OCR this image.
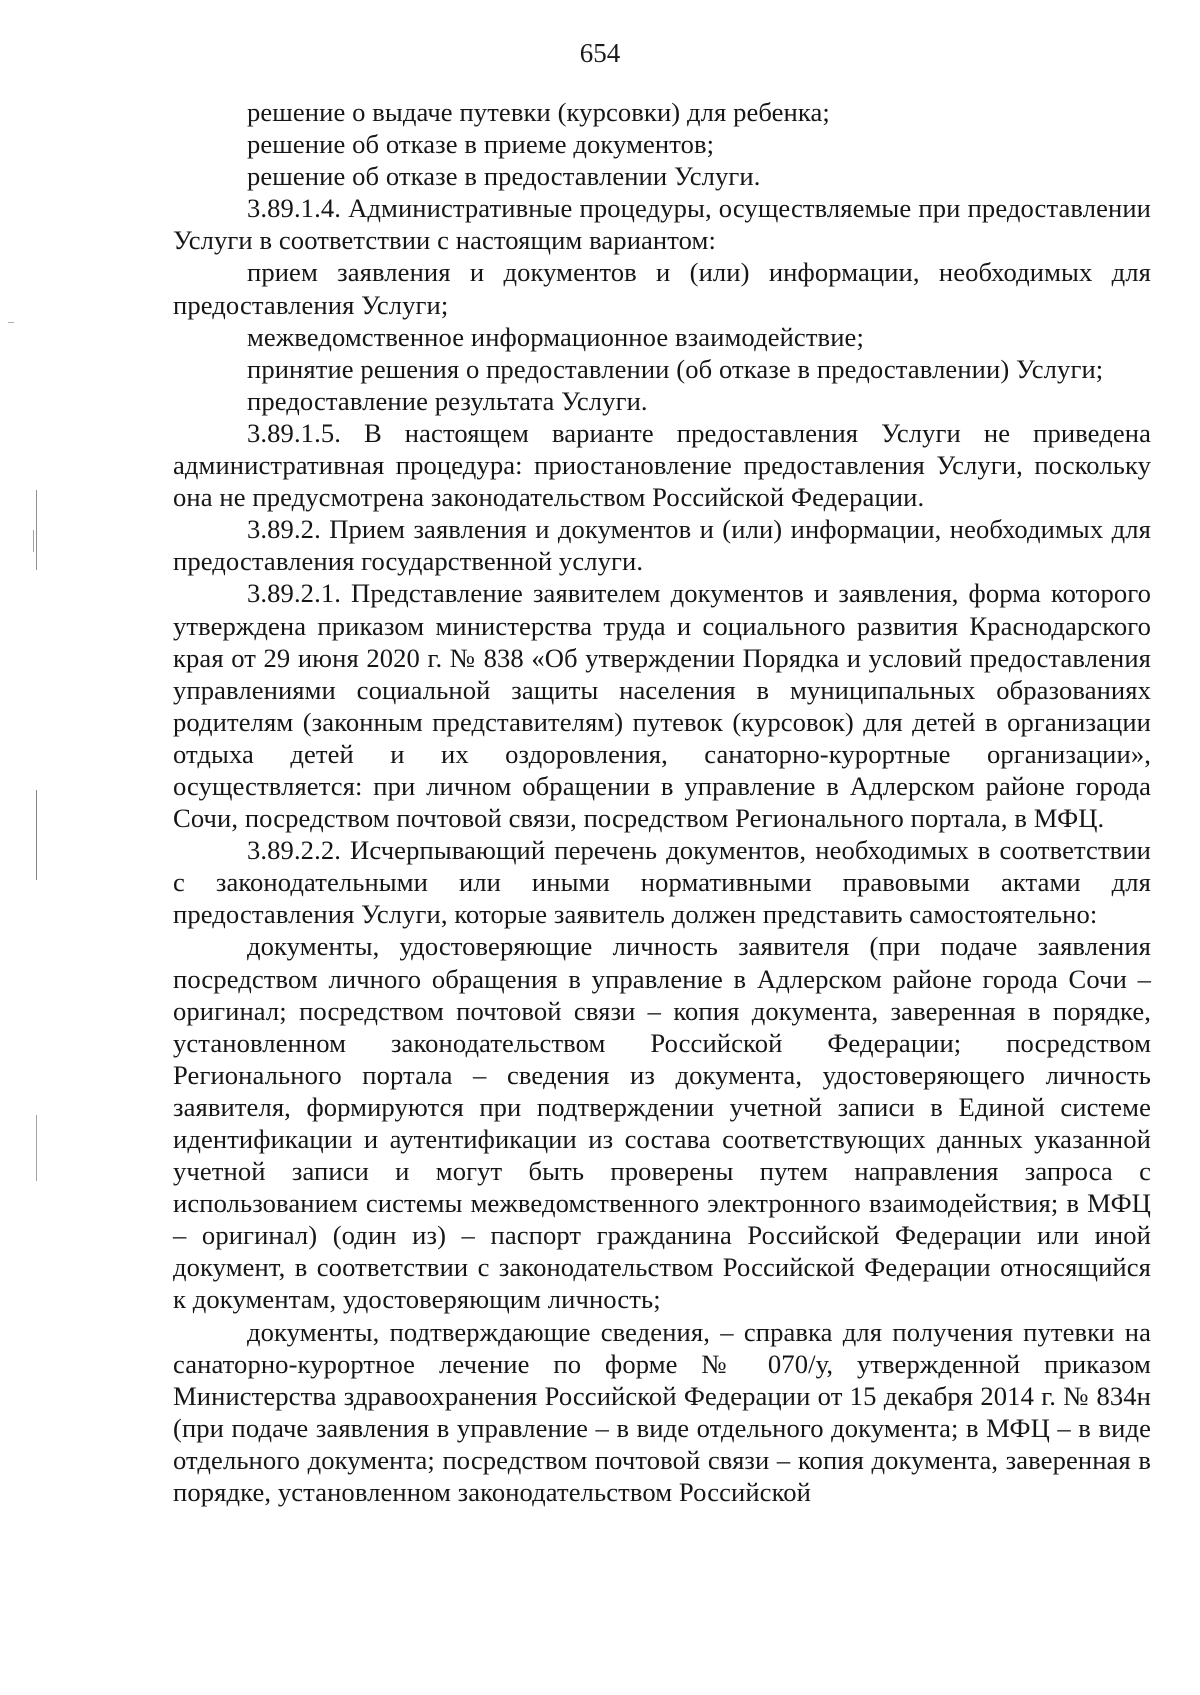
654

решение о выдаче путевки (курсовки) для ребенка;

решение об отказе в приеме документов;

решение об отказе в предоставлении Услуги.

3.89.1.4. Административные процедуры, осуществляемые при предоставлении Услуги в соответствии с настоящим вариантом:

прием заявления и документов и (или) информации, необходимых для предоставления Услуги;

межведомственное информационное взаимодействие;

принятие решения о предоставлении (об отказе в предоставлении) Услуги;

предоставление результата Услуги.

3.89.1.5. В настоящем варианте предоставления Услуги не приведена административная процедура: приостановление предоставления Услуги, поскольку она не предусмотрена законодательством Российской Федерации.

3.89.2. Прием заявления и документов и (или) информации, необходимых для предоставления государственной услуги.

3.89.2.1. Представление заявителем документов и заявления, форма которого утверждена приказом министерства труда и социального развития Краснодарского края от 29 июня 2020 г. № 838 «Об утверждении Порядка и условий предоставления управлениями социальной защиты населения в муниципальных образованиях родителям (законным представителям) путевок (курсовок) для детей в организации отдыха детей и их оздоровления, санаторно-курортные организации», осуществляется: при личном обращении в управление в Адлерском районе города Сочи, посредством почтовой связи, посредством Регионального портала, в МФЦ.

3.89.2.2. Исчерпывающий перечень документов, необходимых в соответствии с законодательными или иными нормативными правовыми актами для предоставления Услуги, которые заявитель должен представить самостоятельно:

документы, удостоверяющие личность заявителя (при подаче заявления посредством личного обращения в управление в Адлерском районе города Сочи – оригинал; посредством почтовой связи – копия документа, заверенная в порядке, установленном законодательством Российской Федерации; посредством Регионального портала – сведения из документа, удостоверяющего личность заявителя, формируются при подтверждении учетной записи в Единой системе идентификации и аутентификации из состава соответствующих данных указанной учетной записи и могут быть проверены путем направления запроса с использованием системы межведомственного электронного взаимодействия; в МФЦ – оригинал) (один из) – паспорт гражданина Российской Федерации или иной документ, в соответствии с законодательством Российской Федерации относящийся к документам, удостоверяющим личность;

документы, подтверждающие сведения, – справка для получения путевки на санаторно-курортное лечение по форме № 070/у, утвержденной приказом Министерства здравоохранения Российской Федерации от 15 декабря 2014 г. № 834н (при подаче заявления в управление – в виде отдельного документа; в МФЦ – в виде отдельного документа; посредством почтовой связи – копия документа, заверенная в порядке, установленном законодательством Российской
